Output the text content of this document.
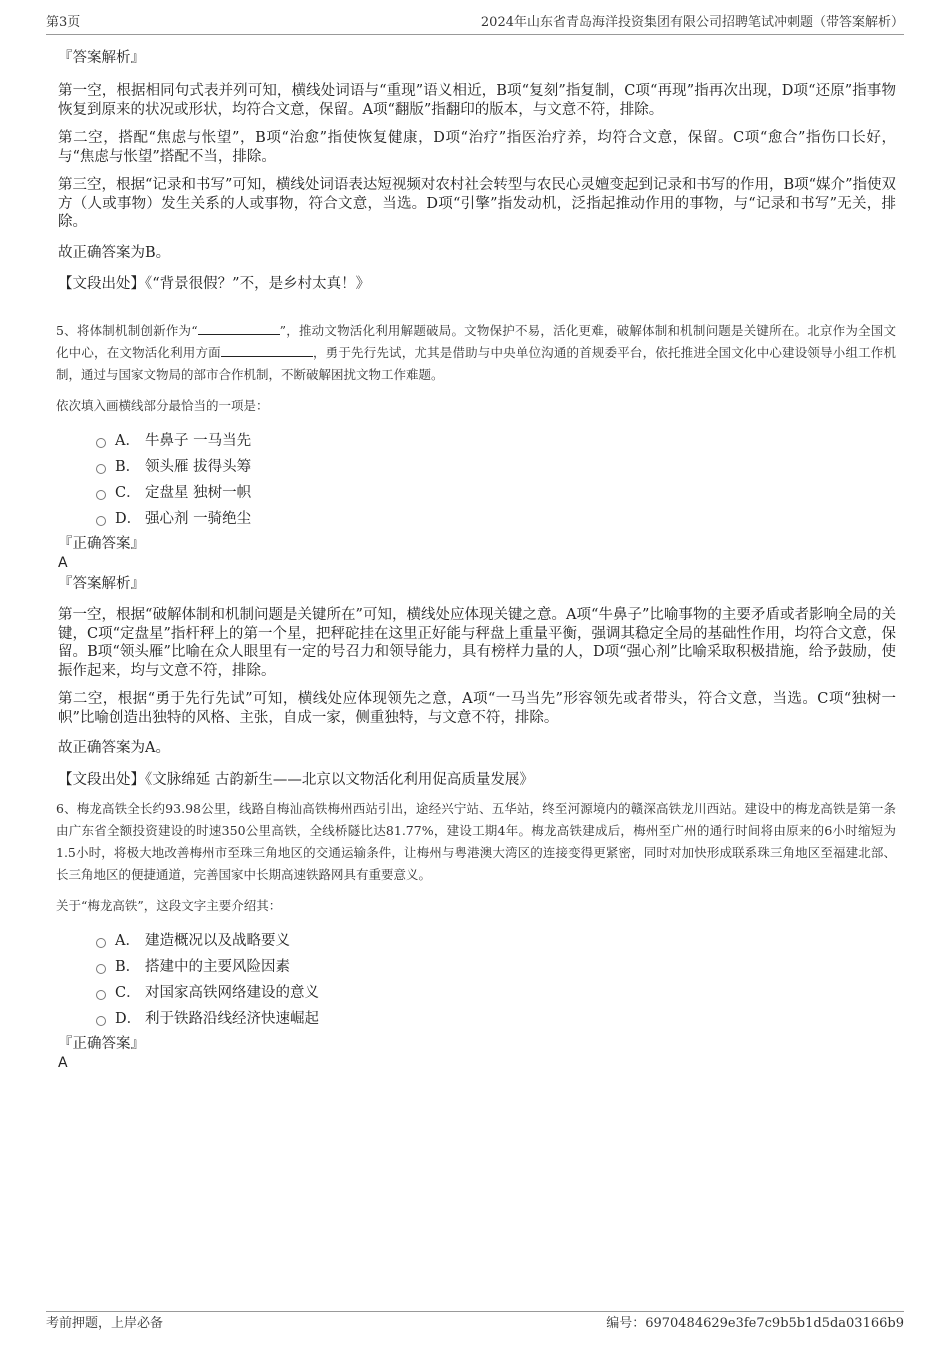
第3页	2024年山东省青岛海洋投资集团有限公司招聘笔试冲刺题（带答案解析）
『答案解析』

第一空，根据相同句式表并列可知，横线处词语与“重现”语义相近，B项“复刻”指复制，C项“再现”指再次出现，D项“还原”指事物恢复到原来的状况或形状，均符合文意，保留。A项“翻版”指翻印的版本，与文意不符，排除。

第二空，搭配“焦虑与怅望”，B项“治愈”指使恢复健康，D项“治疗”指医治疗养，均符合文意，保留。C项“愈合”指伤口长好，与“焦虑与怅望”搭配不当，排除。

第三空，根据“记录和书写”可知，横线处词语表达短视频对农村社会转型与农民心灵嬗变起到记录和书写的作用，B项“媒介”指使双方（人或事物）发生关系的人或事物，符合文意，当选。D项“引擎”指发动机，泛指起推动作用的事物，与“记录和书写”无关，排除。

故正确答案为B。

【文段出处】《“背景很假？”不，是乡村太真！》

5、将体制机制创新作为“	”，推动文物活化利用解题破局。文物保护不易，活化更难，破解体制和机制问题是关键所在。北京作为全国文化中心，在文物活化利用方面	，勇于先行先试，尤其是借助与中央单位沟通的首规委平台，依托推进全国文化中心建设领导小组工作机制，通过与国家文物局的部市合作机制，不断破解困扰文物工作难题。

依次填入画横线部分最恰当的一项是：

A． 牛鼻子 一马当先
B． 领头雁 拔得头筹
C． 定盘星 独树一帜
D． 强心剂 一骑绝尘
『正确答案』

A

『答案解析』

第一空，根据“破解体制和机制问题是关键所在”可知，横线处应体现关键之意。A项“牛鼻子”比喻事物的主要矛盾或者影响全局的关键，C项“定盘星”指杆秤上的第一个星，把秤砣挂在这里正好能与秤盘上重量平衡，强调其稳定全局的基础性作用，均符合文意，保留。B项“领头雁”比喻在众人眼里有一定的号召力和领导能力，具有榜样力量的人，D项“强心剂”比喻采取积极措施，给予鼓励，使振作起来，均与文意不符，排除。

第二空，根据“勇于先行先试”可知，横线处应体现领先之意，A项“一马当先”形容领先或者带头，符合文意，当选。C项“独树一帜”比喻创造出独特的风格、主张，自成一家，侧重独特，与文意不符，排除。

故正确答案为A。

【文段出处】《文脉绵延 古韵新生——北京以文物活化利用促高质量发展》

6、梅龙高铁全长约93.98公里，线路自梅汕高铁梅州西站引出，途经兴宁站、五华站，终至河源境内的赣深高铁龙川西站。建设中的梅龙高铁是第一条由广东省全额投资建设的时速350公里高铁，全线桥隧比达81.77%，建设工期4年。梅龙高铁建成后，梅州至广州的通行时间将由原来的6小时缩短为1.5小时，将极大地改善梅州市至珠三角地区的交通运输条件，让梅州与粤港澳大湾区的连接变得更紧密，同时对加快形成联系珠三角地区至福建北部、长三角地区的便捷通道，完善国家中长期高速铁路网具有重要意义。

关于“梅龙高铁”，这段文字主要介绍其：

A． 建造概况以及战略要义
B． 搭建中的主要风险因素
C． 对国家高铁网络建设的意义
D． 利于铁路沿线经济快速崛起
『正确答案』

A

考前押题，上岸必备	编号：6970484629e3fe7c9b5b1d5da03166b9
